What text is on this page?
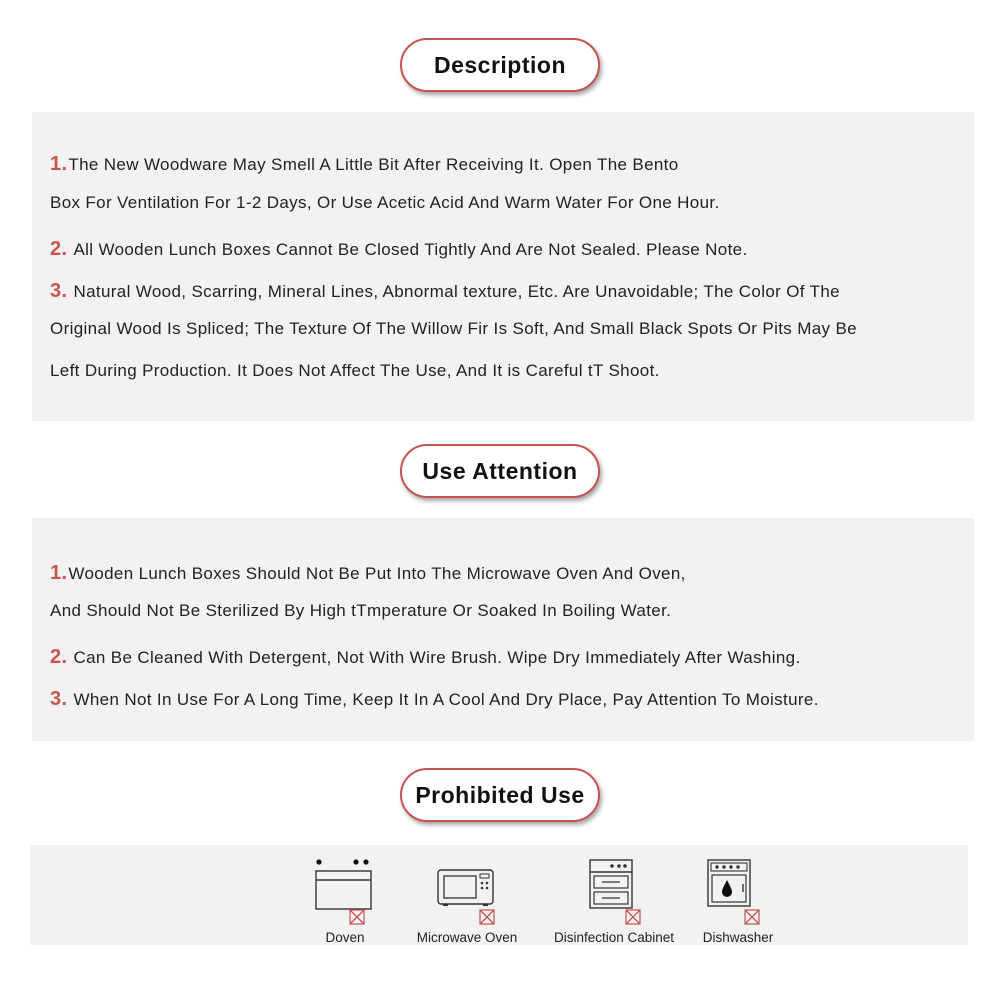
Description
1.The New Woodware May Smell A Little Bit After Receiving It. Open The Bento
Box For Ventilation For 1-2 Days, Or Use Acetic Acid And Warm Water For One Hour.
2. All Wooden Lunch Boxes Cannot Be Closed Tightly And Are Not Sealed. Please Note.
3. Natural Wood, Scarring, Mineral Lines, Abnormal texture, Etc. Are Unavoidable; The Color Of The
Original Wood Is Spliced; The Texture Of The Willow Fir Is Soft, And Small Black Spots Or Pits May Be
Left During Production. It Does Not Affect The Use, And It is Careful tT Shoot.
Use Attention
1.Wooden Lunch Boxes Should Not Be Put Into The Microwave Oven And Oven,
And Should Not Be Sterilized By High tTmperature Or Soaked In Boiling Water.
2. Can Be Cleaned With Detergent, Not With Wire Brush. Wipe Dry Immediately After Washing.
3. When Not In Use For A Long Time, Keep It In A Cool And Dry Place, Pay Attention To Moisture.
Prohibited Use
Doven	Microwave Oven	Disinfection Cabinet Dishwasher
